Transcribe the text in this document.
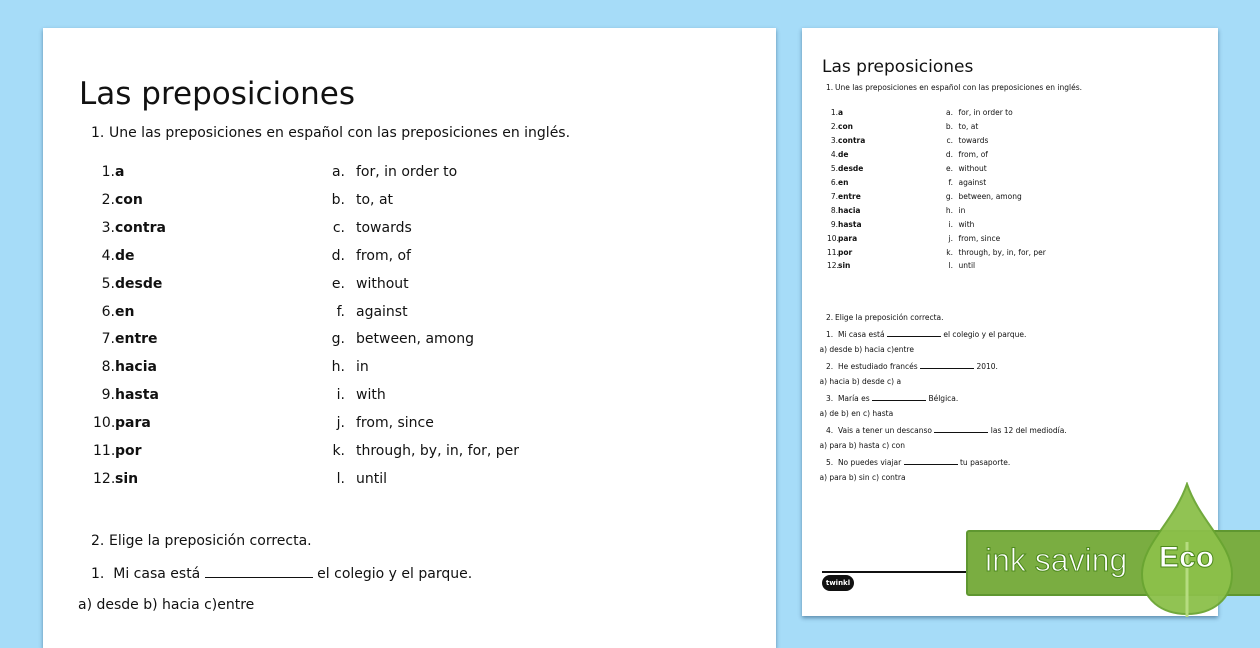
Las preposiciones
1. Une las preposiciones en español con las preposiciones en inglés.
1. a	a. for, in order to
2. con	b. to, at
3. contra	c. towards
4. de	d. from, of
5. desde	e. without
6. en	f. against
7. entre	g. between, among
8. hacia	h. in
9. hasta	i. with
10. para	j. from, since
11. por	k. through, by, in, for, per
12. sin	l. until
2. Elige la preposición correcta.
1. Mi casa está	el colegio y el parque.
a) desde b) hacia c)entre
Las preposiciones
1. Une las preposiciones en español con las preposiciones en inglés.
1. a	a. for, in order to
2. con	b. to, at
3. contra	c. towards
4. de	d. from, of
5. desde	e. without
6. en	f. against
7. entre	g. between, among
8. hacia	h. in
9. hasta	i. with
10. para	j. from, since
11. por	k. through, by, in, for, per
12. sin	l. until
2. Elige la preposición correcta.
1. Mi casa está	el colegio y el parque.
a) desde b) hacia c)entre
2. He estudiado francés	2010.
a) hacia b) desde c) a
3. María es	Bélgica.
a) de b) en c) hasta
4. Vais a tener un descanso	las 12 del mediodía.
a) para b) hasta c) con
5. No puedes viajar	tu pasaporte.
a) para b) sin c) contra
twinkl
ink saving Eco
